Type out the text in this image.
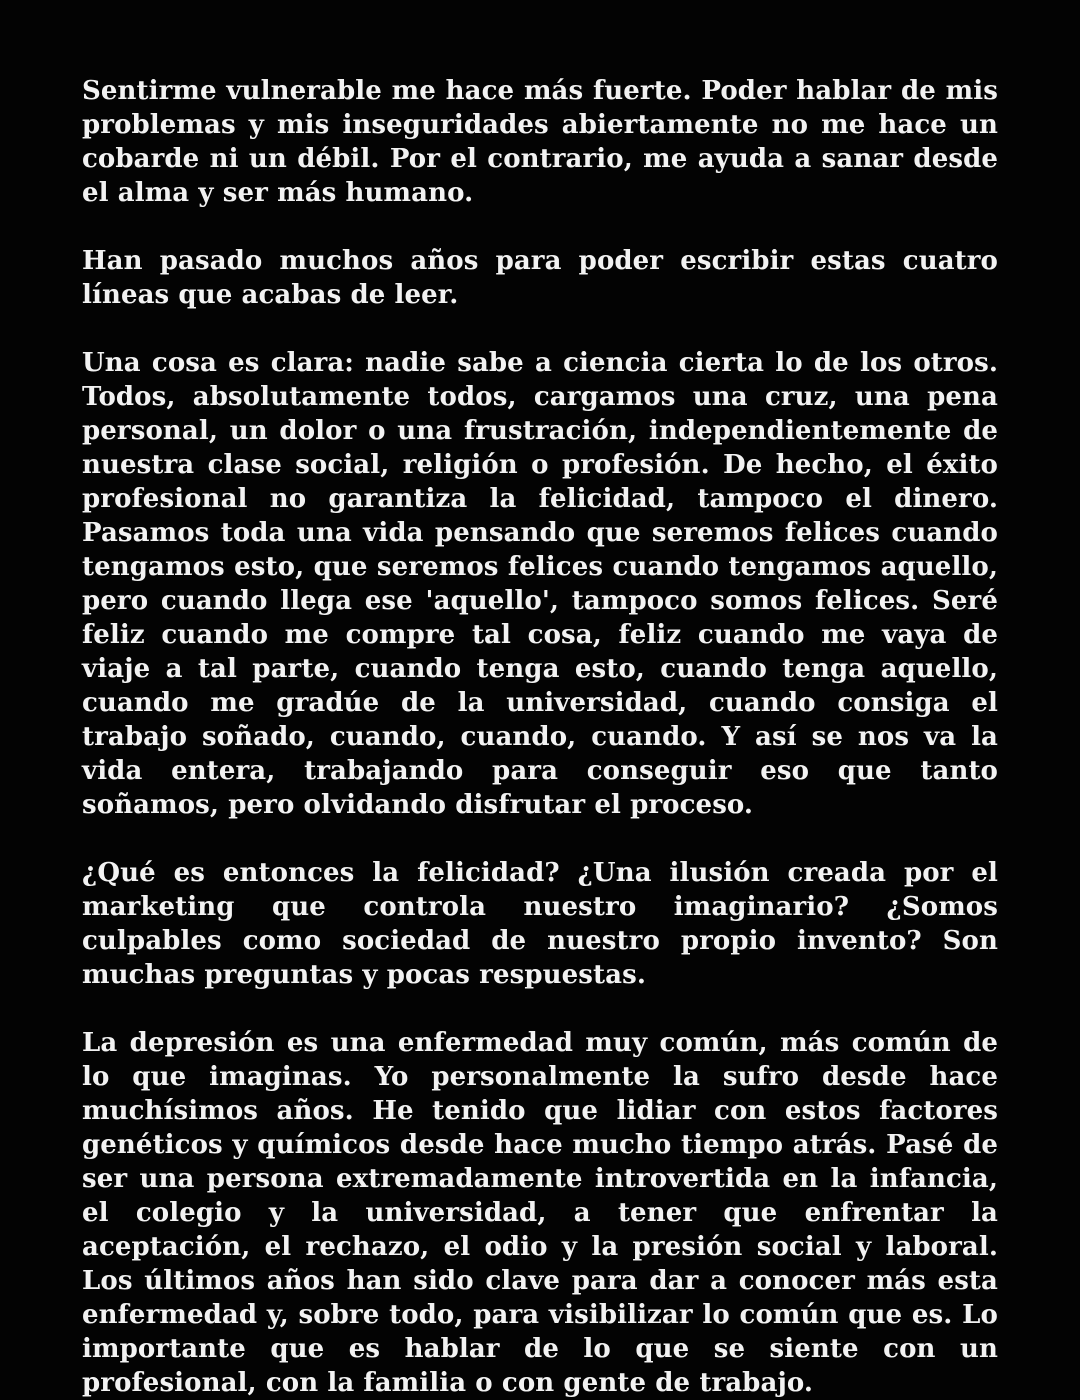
Sentirme vulnerable me hace más fuerte. Poder hablar de mis problemas y mis inseguridades abiertamente no me hace un cobarde ni un débil. Por el contrario, me ayuda a sanar desde el alma y ser más humano.

Han pasado muchos años para poder escribir estas cuatro líneas que acabas de leer.

Una cosa es clara: nadie sabe a ciencia cierta lo de los otros. Todos, absolutamente todos, cargamos una cruz, una pena personal, un dolor o una frustración, independientemente de nuestra clase social, religión o profesión. De hecho, el éxito profesional no garantiza la felicidad, tampoco el dinero. Pasamos toda una vida pensando que seremos felices cuando tengamos esto, que seremos felices cuando tengamos aquello, pero cuando llega ese 'aquello', tampoco somos felices. Seré feliz cuando me compre tal cosa, feliz cuando me vaya de viaje a tal parte, cuando tenga esto, cuando tenga aquello, cuando me gradúe de la universidad, cuando consiga el trabajo soñado, cuando, cuando, cuando. Y así se nos va la vida entera, trabajando para conseguir eso que tanto soñamos, pero olvidando disfrutar el proceso.

¿Qué es entonces la felicidad? ¿Una ilusión creada por el marketing que controla nuestro imaginario? ¿Somos culpables como sociedad de nuestro propio invento? Son muchas preguntas y pocas respuestas.

La depresión es una enfermedad muy común, más común de lo que imaginas. Yo personalmente la sufro desde hace muchísimos años. He tenido que lidiar con estos factores genéticos y químicos desde hace mucho tiempo atrás. Pasé de ser una persona extremadamente introvertida en la infancia, el colegio y la universidad, a tener que enfrentar la aceptación, el rechazo, el odio y la presión social y laboral. Los últimos años han sido clave para dar a conocer más esta enfermedad y, sobre todo, para visibilizar lo común que es. Lo importante que es hablar de lo que se siente con un profesional, con la familia o con gente de trabajo.
